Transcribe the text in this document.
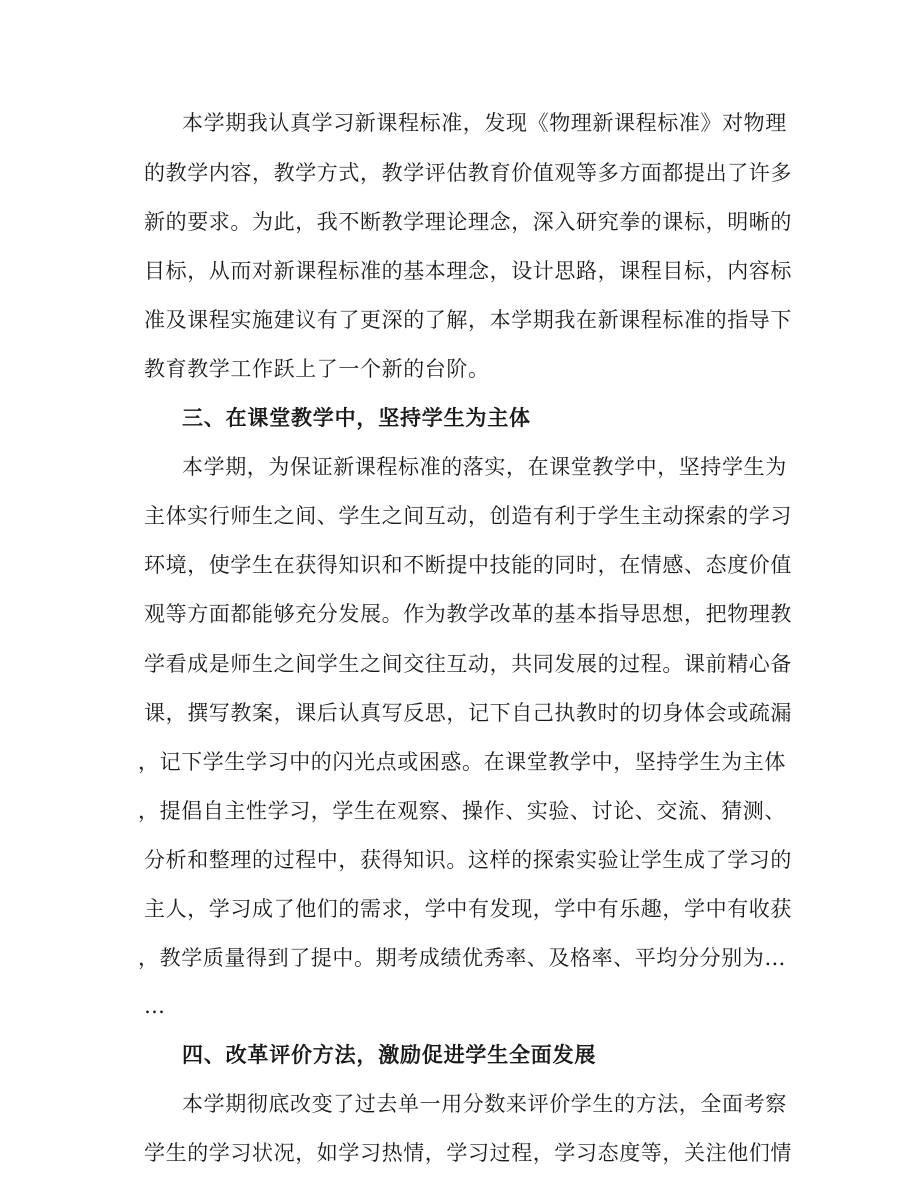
本学期我认真学习新课程标准，发现《物理新课程标准》对物理
的教学内容，教学方式，教学评估教育价值观等多方面都提出了许多
新的要求。为此，我不断教学理论理念，深入研究拳的课标，明晰的
目标，从而对新课程标准的基本理念，设计思路，课程目标，内容标
准及课程实施建议有了更深的了解，本学期我在新课程标准的指导下
教育教学工作跃上了一个新的台阶。
三、在课堂教学中，坚持学生为主体
本学期，为保证新课程标准的落实，在课堂教学中，坚持学生为
主体实行师生之间、学生之间互动，创造有利于学生主动探索的学习
环境，使学生在获得知识和不断提中技能的同时，在情感、态度价值
观等方面都能够充分发展。作为教学改革的基本指导思想，把物理教
学看成是师生之间学生之间交往互动，共同发展的过程。课前精心备
课，撰写教案，课后认真写反思，记下自己执教时的切身体会或疏漏
，记下学生学习中的闪光点或困惑。在课堂教学中，坚持学生为主体
，提倡自主性学习，学生在观察、操作、实验、讨论、交流、猜测、
分析和整理的过程中，获得知识。这样的探索实验让学生成了学习的
主人，学习成了他们的需求，学中有发现，学中有乐趣，学中有收获
，教学质量得到了提中。期考成绩优秀率、及格率、平均分分别为…
…
四、改革评价方法，激励促进学生全面发展
本学期彻底改变了过去单一用分数来评价学生的方法，全面考察
学生的学习状况，如学习热情，学习过程，学习态度等，关注他们情
